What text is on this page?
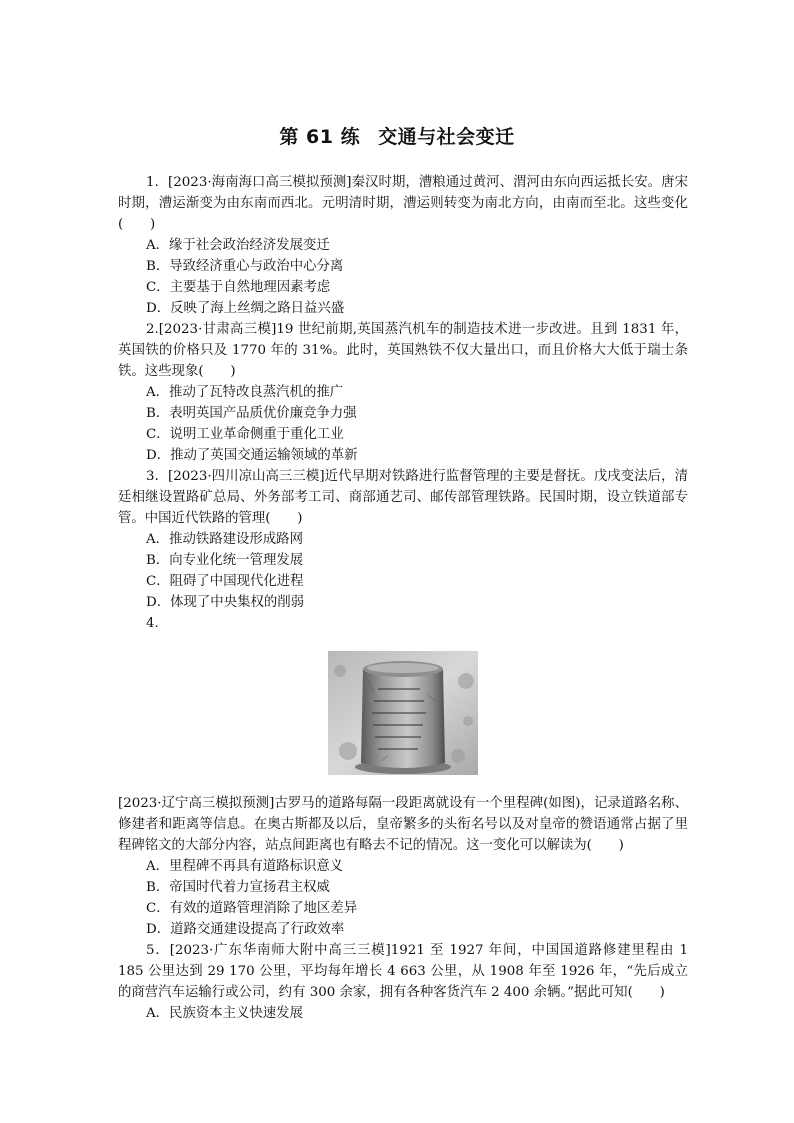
第 61 练 交通与社会变迁

1．[2023·海南海口高三模拟预测]秦汉时期，漕粮通过黄河、渭河由东向西运抵长安。唐宋时期，漕运渐变为由东南而西北。元明清时期，漕运则转变为南北方向，由南而至北。这些变化(　　)

A．缘于社会政治经济发展变迁

B．导致经济重心与政治中心分离

C．主要基于自然地理因素考虑

D．反映了海上丝绸之路日益兴盛

2.[2023·甘肃高三模]19 世纪前期,英国蒸汽机车的制造技术进一步改进。且到 1831 年，英国铁的价格只及 1770 年的 31%。此时，英国熟铁不仅大量出口，而且价格大大低于瑞士条铁。这些现象(　　)

A．推动了瓦特改良蒸汽机的推广

B．表明英国产品质优价廉竞争力强

C．说明工业革命侧重于重化工业

D．推动了英国交通运输领域的革新

3．[2023·四川凉山高三三模]近代早期对铁路进行监督管理的主要是督抚。戊戌变法后，清廷相继设置路矿总局、外务部考工司、商部通艺司、邮传部管理铁路。民国时期，设立铁道部专管。中国近代铁路的管理(　　)

A．推动铁路建设形成路网

B．向专业化统一管理发展

C．阻碍了中国现代化进程

D．体现了中央集权的削弱

4.

[2023·辽宁高三模拟预测]古罗马的道路每隔一段距离就设有一个里程碑(如图)，记录道路名称、修建者和距离等信息。在奥古斯都及以后，皇帝繁多的头衔名号以及对皇帝的赞语通常占据了里程碑铭文的大部分内容，站点间距离也有略去不记的情况。这一变化可以解读为(　　)

A．里程碑不再具有道路标识意义

B．帝国时代着力宣扬君主权威

C．有效的道路管理消除了地区差异

D．道路交通建设提高了行政效率

5．[2023·广东华南师大附中高三三模]1921 至 1927 年间，中国国道路修建里程由 1 185 公里达到 29 170 公里，平均每年增长 4 663 公里，从 1908 年至 1926 年，“先后成立的商营汽车运输行或公司，约有 300 余家，拥有各种客货汽车 2 400 余辆。”据此可知(　　)

A．民族资本主义快速发展
